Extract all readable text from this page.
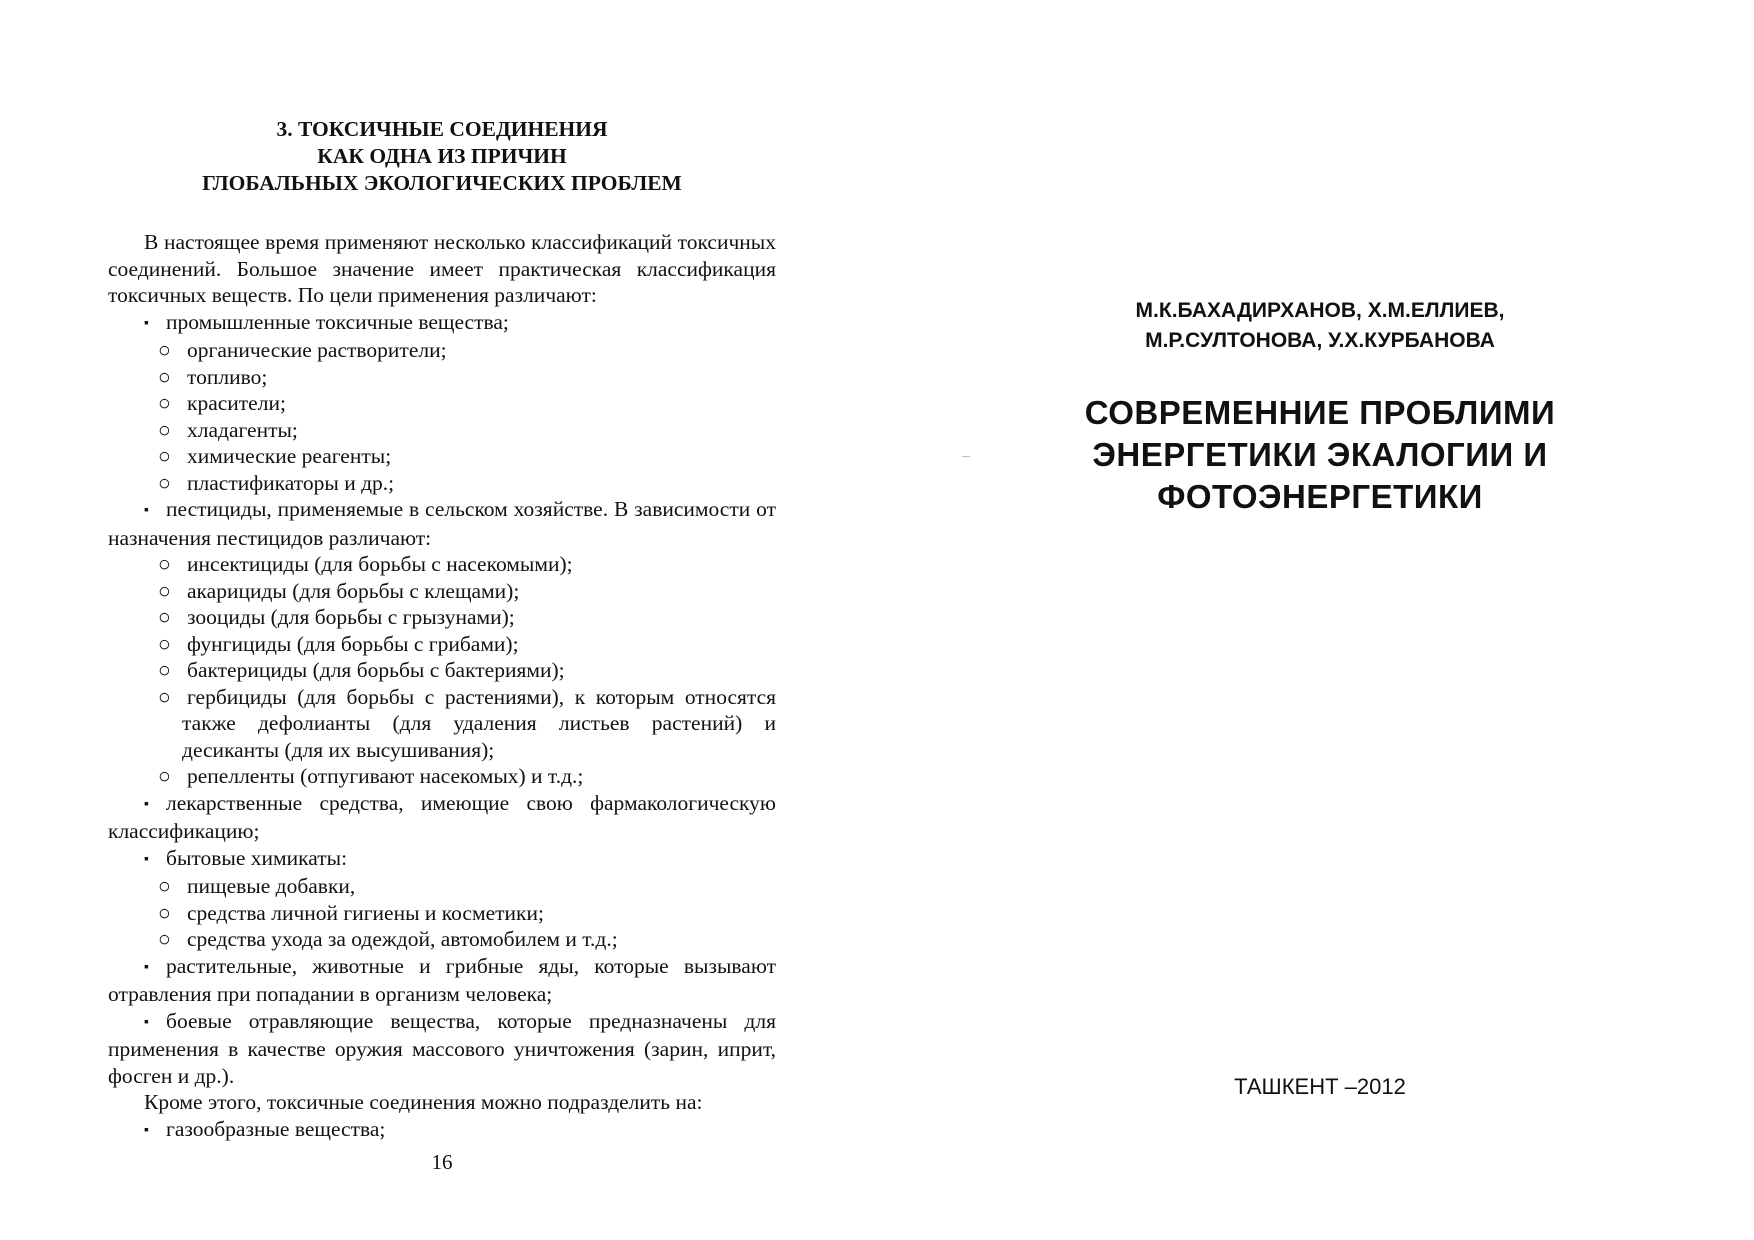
3. ТОКСИЧНЫЕ СОЕДИНЕНИЯ
КАК ОДНА ИЗ ПРИЧИН
ГЛОБАЛЬНЫХ ЭКОЛОГИЧЕСКИХ ПРОБЛЕМ

В настоящее время применяют несколько классификаций токсичных соединений. Большое значение имеет практическая классификация токсичных веществ. По цели применения различают:

▪ промышленные токсичные вещества;

○ органические растворители;

○ топливо;

○ красители;

○ хладагенты;

○ химические реагенты;

○ пластификаторы и др.;

▪ пестициды, применяемые в сельском хозяйстве. В зависимости от назначения пестицидов различают:

○ инсектициды (для борьбы с насекомыми);

○ акарициды (для борьбы с клещами);

○ зооциды (для борьбы с грызунами);

○ фунгициды (для борьбы с грибами);

○ бактерициды (для борьбы с бактериями);

○ гербициды (для борьбы с растениями), к которым относятся также дефолианты (для удаления листьев растений) и десиканты (для их высушивания);

○ репелленты (отпугивают насекомых) и т.д.;

▪ лекарственные средства, имеющие свою фармакологическую классификацию;

▪ бытовые химикаты:

○ пищевые добавки,

○ средства личной гигиены и косметики;

○ средства ухода за одеждой, автомобилем и т.д.;

▪ растительные, животные и грибные яды, которые вызывают отравления при попадании в организм человека;

▪ боевые отравляющие вещества, которые предназначены для применения в качестве оружия массового уничтожения (зарин, иприт, фосген и др.).

Кроме этого, токсичные соединения можно подразделить на:

▪ газообразные вещества;

16
М.К.БАХАДИРХАНОВ, Х.М.ЕЛЛИЕВ,
М.Р.СУЛТОНОВА, У.Х.КУРБАНОВА
СОВРЕМЕННИЕ ПРОБЛИМИ
ЭНЕРГЕТИКИ ЭКАЛОГИИ И
ФОТОЭНЕРГЕТИКИ
ТАШКЕНТ –2012
